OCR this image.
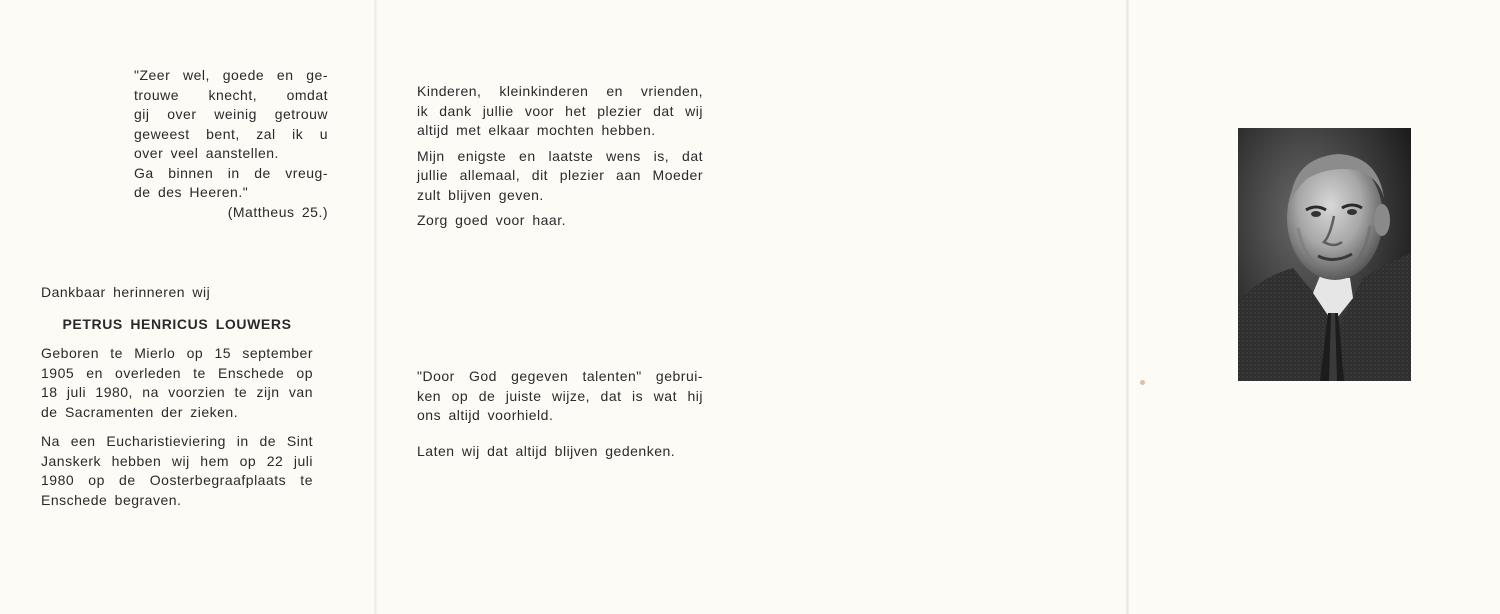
"Zeer wel, goede en ge-
trouwe knecht, omdat
gij over weinig getrouw
geweest bent, zal ik u
over veel aanstellen.
Ga binnen in de vreug-
de des Heeren."
(Mattheus 25.)

Dankbaar herinneren wij

PETRUS HENRICUS LOUWERS

Geboren te Mierlo op 15 september
1905 en overleden te Enschede op
18 juli 1980, na voorzien te zijn van
de Sacramenten der zieken.
Na een Eucharistieviering in de Sint
Janskerk hebben wij hem op 22 juli
1980 op de Oosterbegraafplaats te
Enschede begraven.
Kinderen, kleinkinderen en vrienden,
ik dank jullie voor het plezier dat wij
altijd met elkaar mochten hebben.
Mijn enigste en laatste wens is, dat
jullie allemaal, dit plezier aan Moeder
zult blijven geven.
Zorg goed voor haar.
"Door God gegeven talenten" gebrui-
ken op de juiste wijze, dat is wat hij
ons altijd voorhield.
Laten wij dat altijd blijven gedenken.
